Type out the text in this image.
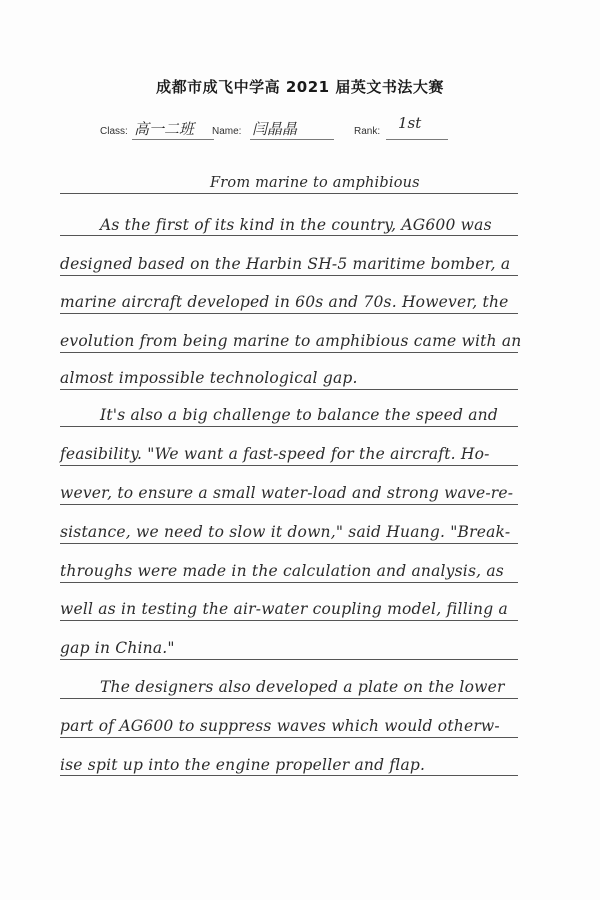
成都市成飞中学高 2021 届英文书法大赛
Class: 高一二班 Name: 闫晶晶	Rank: 1st
From marine to amphibious
As the first of its kind in the country, AG600 was
designed based on the Harbin SH-5 maritime bomber, a
marine aircraft developed in 60s and 70s. However, the
evolution from being marine to amphibious came with an
almost impossible technological gap.
It's also a big challenge to balance the speed and
feasibility. "We want a fast-speed for the aircraft. Ho-
wever, to ensure a small water-load and strong wave-re-
sistance, we need to slow it down," said Huang. "Break-
throughs were made in the calculation and analysis, as
well as in testing the air-water coupling model, filling a
gap in China."
The designers also developed a plate on the lower
part of AG600 to suppress waves which would otherw-
ise spit up into the engine propeller and flap.
